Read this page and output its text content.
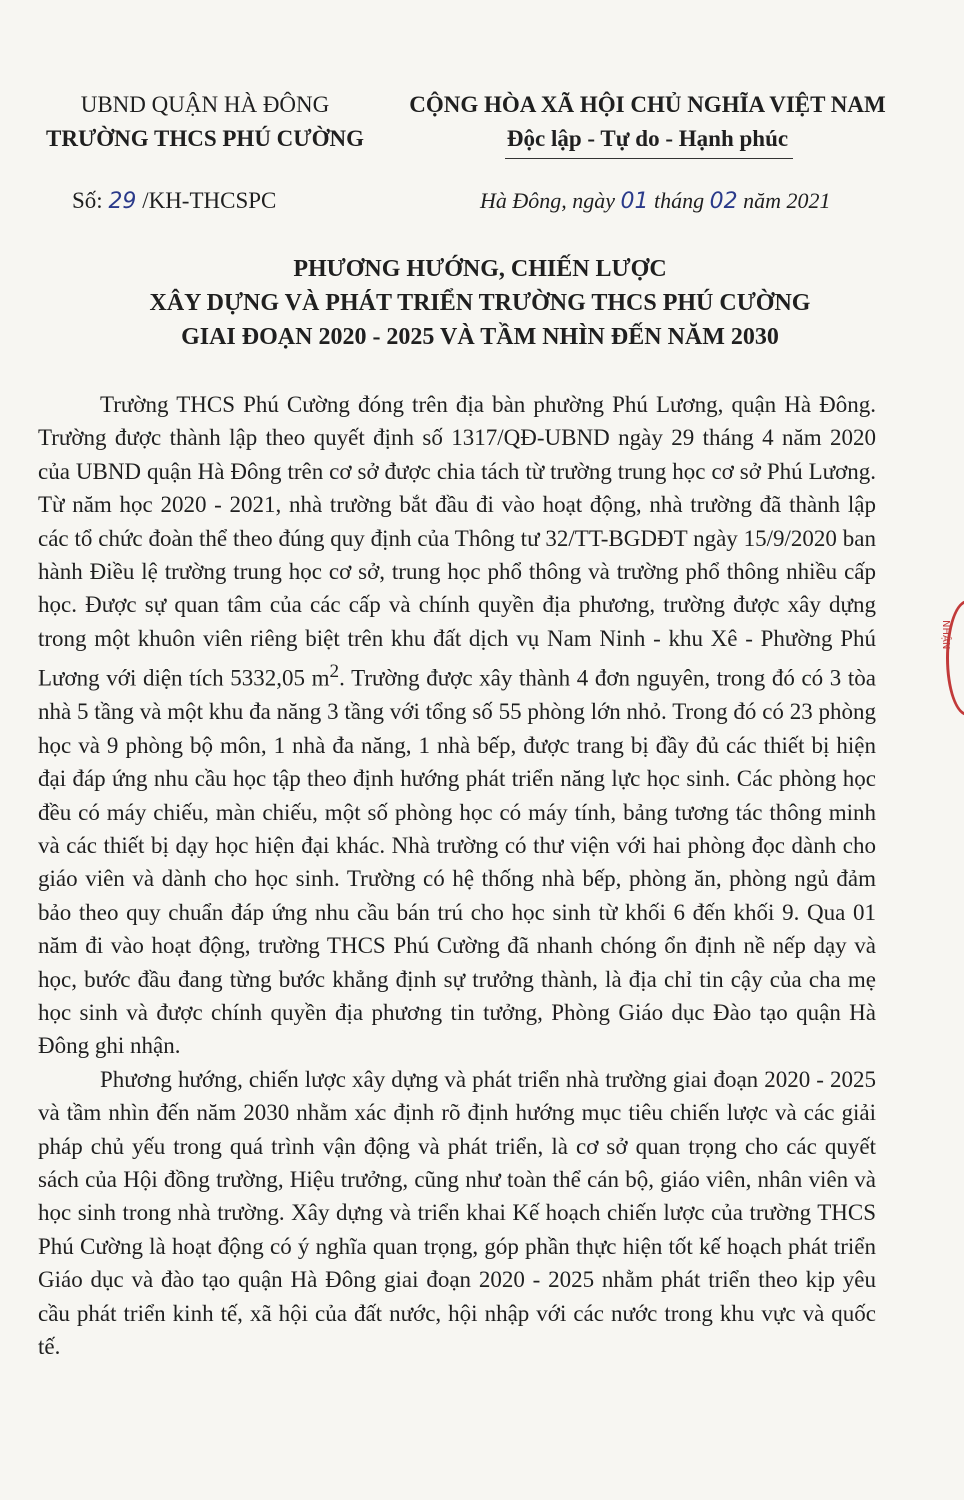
UBND QUẬN HÀ ĐÔNG
TRƯỜNG THCS PHÚ CƯỜNG
CỘNG HÒA XÃ HỘI CHỦ NGHĨA VIỆT NAM
Độc lập - Tự do - Hạnh phúc
Số: 29 /KH-THCSPC	Hà Đông, ngày 01 tháng 02 năm 2021
PHƯƠNG HƯỚNG, CHIẾN LƯỢC
XÂY DỰNG VÀ PHÁT TRIỂN TRƯỜNG THCS PHÚ CƯỜNG
GIAI ĐOẠN 2020 - 2025 VÀ TẦM NHÌN ĐẾN NĂM 2030

Trường THCS Phú Cường đóng trên địa bàn phường Phú Lương, quận Hà Đông. Trường được thành lập theo quyết định số 1317/QĐ-UBND ngày 29 tháng 4 năm 2020 của UBND quận Hà Đông trên cơ sở được chia tách từ trường trung học cơ sở Phú Lương. Từ năm học 2020 - 2021, nhà trường bắt đầu đi vào hoạt động, nhà trường đã thành lập các tổ chức đoàn thể theo đúng quy định của Thông tư 32/TT-BGDĐT ngày 15/9/2020 ban hành Điều lệ trường trung học cơ sở, trung học phổ thông và trường phổ thông nhiều cấp học. Được sự quan tâm của các cấp và chính quyền địa phương, trường được xây dựng trong một khuôn viên riêng biệt trên khu đất dịch vụ Nam Ninh - khu Xê - Phường Phú Lương với diện tích 5332,05 $m^2$. Trường được xây thành 4 đơn nguyên, trong đó có 3 tòa nhà 5 tầng và một khu đa năng 3 tầng với tổng số 55 phòng lớn nhỏ. Trong đó có 23 phòng học và 9 phòng bộ môn, 1 nhà đa năng, 1 nhà bếp, được trang bị đầy đủ các thiết bị hiện đại đáp ứng nhu cầu học tập theo định hướng phát triển năng lực học sinh. Các phòng học đều có máy chiếu, màn chiếu, một số phòng học có máy tính, bảng tương tác thông minh và các thiết bị dạy học hiện đại khác. Nhà trường có thư viện với hai phòng đọc dành cho giáo viên và dành cho học sinh. Trường có hệ thống nhà bếp, phòng ăn, phòng ngủ đảm bảo theo quy chuẩn đáp ứng nhu cầu bán trú cho học sinh từ khối 6 đến khối 9. Qua 01 năm đi vào hoạt động, trường THCS Phú Cường đã nhanh chóng ổn định nề nếp dạy và học, bước đầu đang từng bước khẳng định sự trưởng thành, là địa chỉ tin cậy của cha mẹ học sinh và được chính quyền địa phương tin tưởng, Phòng Giáo dục Đào tạo quận Hà Đông ghi nhận.

Phương hướng, chiến lược xây dựng và phát triển nhà trường giai đoạn 2020 - 2025 và tầm nhìn đến năm 2030 nhằm xác định rõ định hướng mục tiêu chiến lược và các giải pháp chủ yếu trong quá trình vận động và phát triển, là cơ sở quan trọng cho các quyết sách của Hội đồng trường, Hiệu trưởng, cũng như toàn thể cán bộ, giáo viên, nhân viên và học sinh trong nhà trường. Xây dựng và triển khai Kế hoạch chiến lược của trường THCS Phú Cường là hoạt động có ý nghĩa quan trọng, góp phần thực hiện tốt kế hoạch phát triển Giáo dục và đào tạo quận Hà Đông giai đoạn 2020 - 2025 nhằm phát triển theo kịp yêu cầu phát triển kinh tế, xã hội của đất nước, hội nhập với các nước trong khu vực và quốc tế.

NHẬN
